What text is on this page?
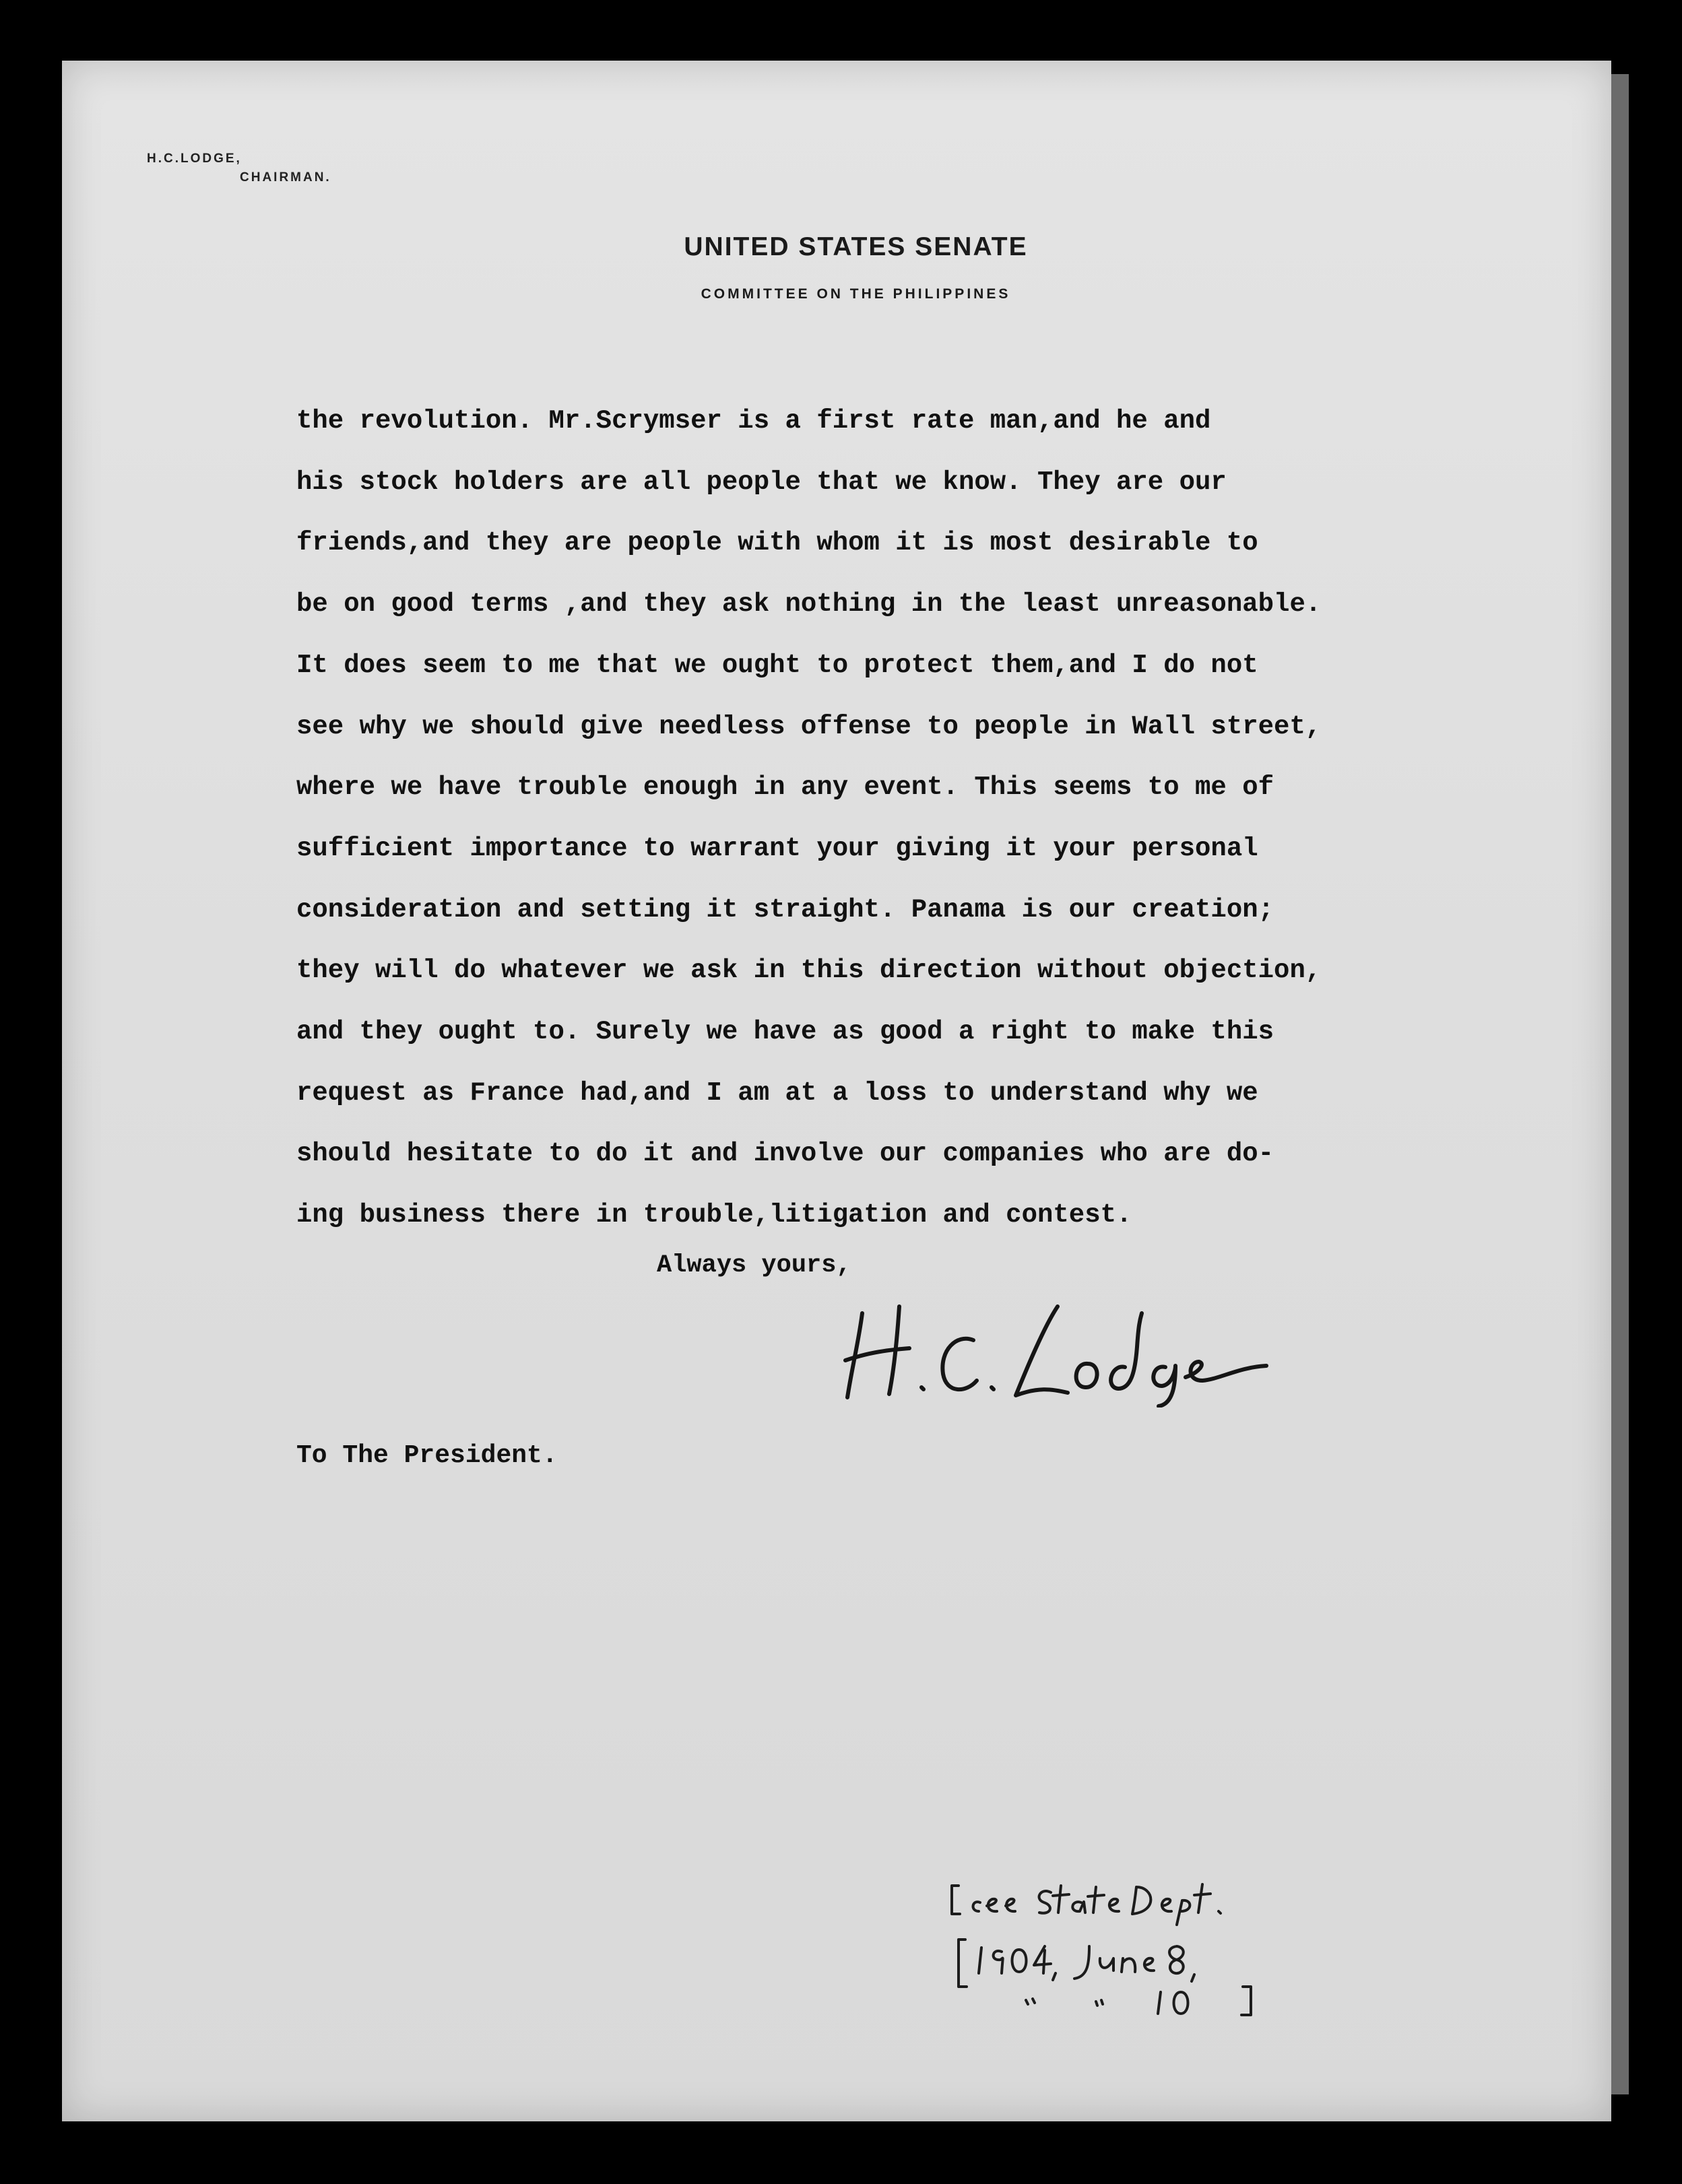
H.C.LODGE,
CHAIRMAN.
UNITED STATES SENATE
COMMITTEE ON THE PHILIPPINES
the revolution. Mr.Scrymser is a first rate man,and he and
his stock holders are all people that we know. They are our
friends,and they are people with whom it is most desirable to
be on good terms ,and they ask nothing in the least unreasonable.
It does seem to me that we ought to protect them,and I do not
see why we should give needless offense to people in Wall street,
where we have trouble enough in any event. This seems to me of
sufficient importance to warrant your giving it your personal
consideration and setting it straight. Panama is our creation;
they will do whatever we ask in this direction without objection,
and they ought to. Surely we have as good a right to make this
request as France had,and I am at a loss to understand why we
should hesitate to do it and involve our companies who are do-
ing business there in trouble,litigation and contest.
Always yours,
To The President.
